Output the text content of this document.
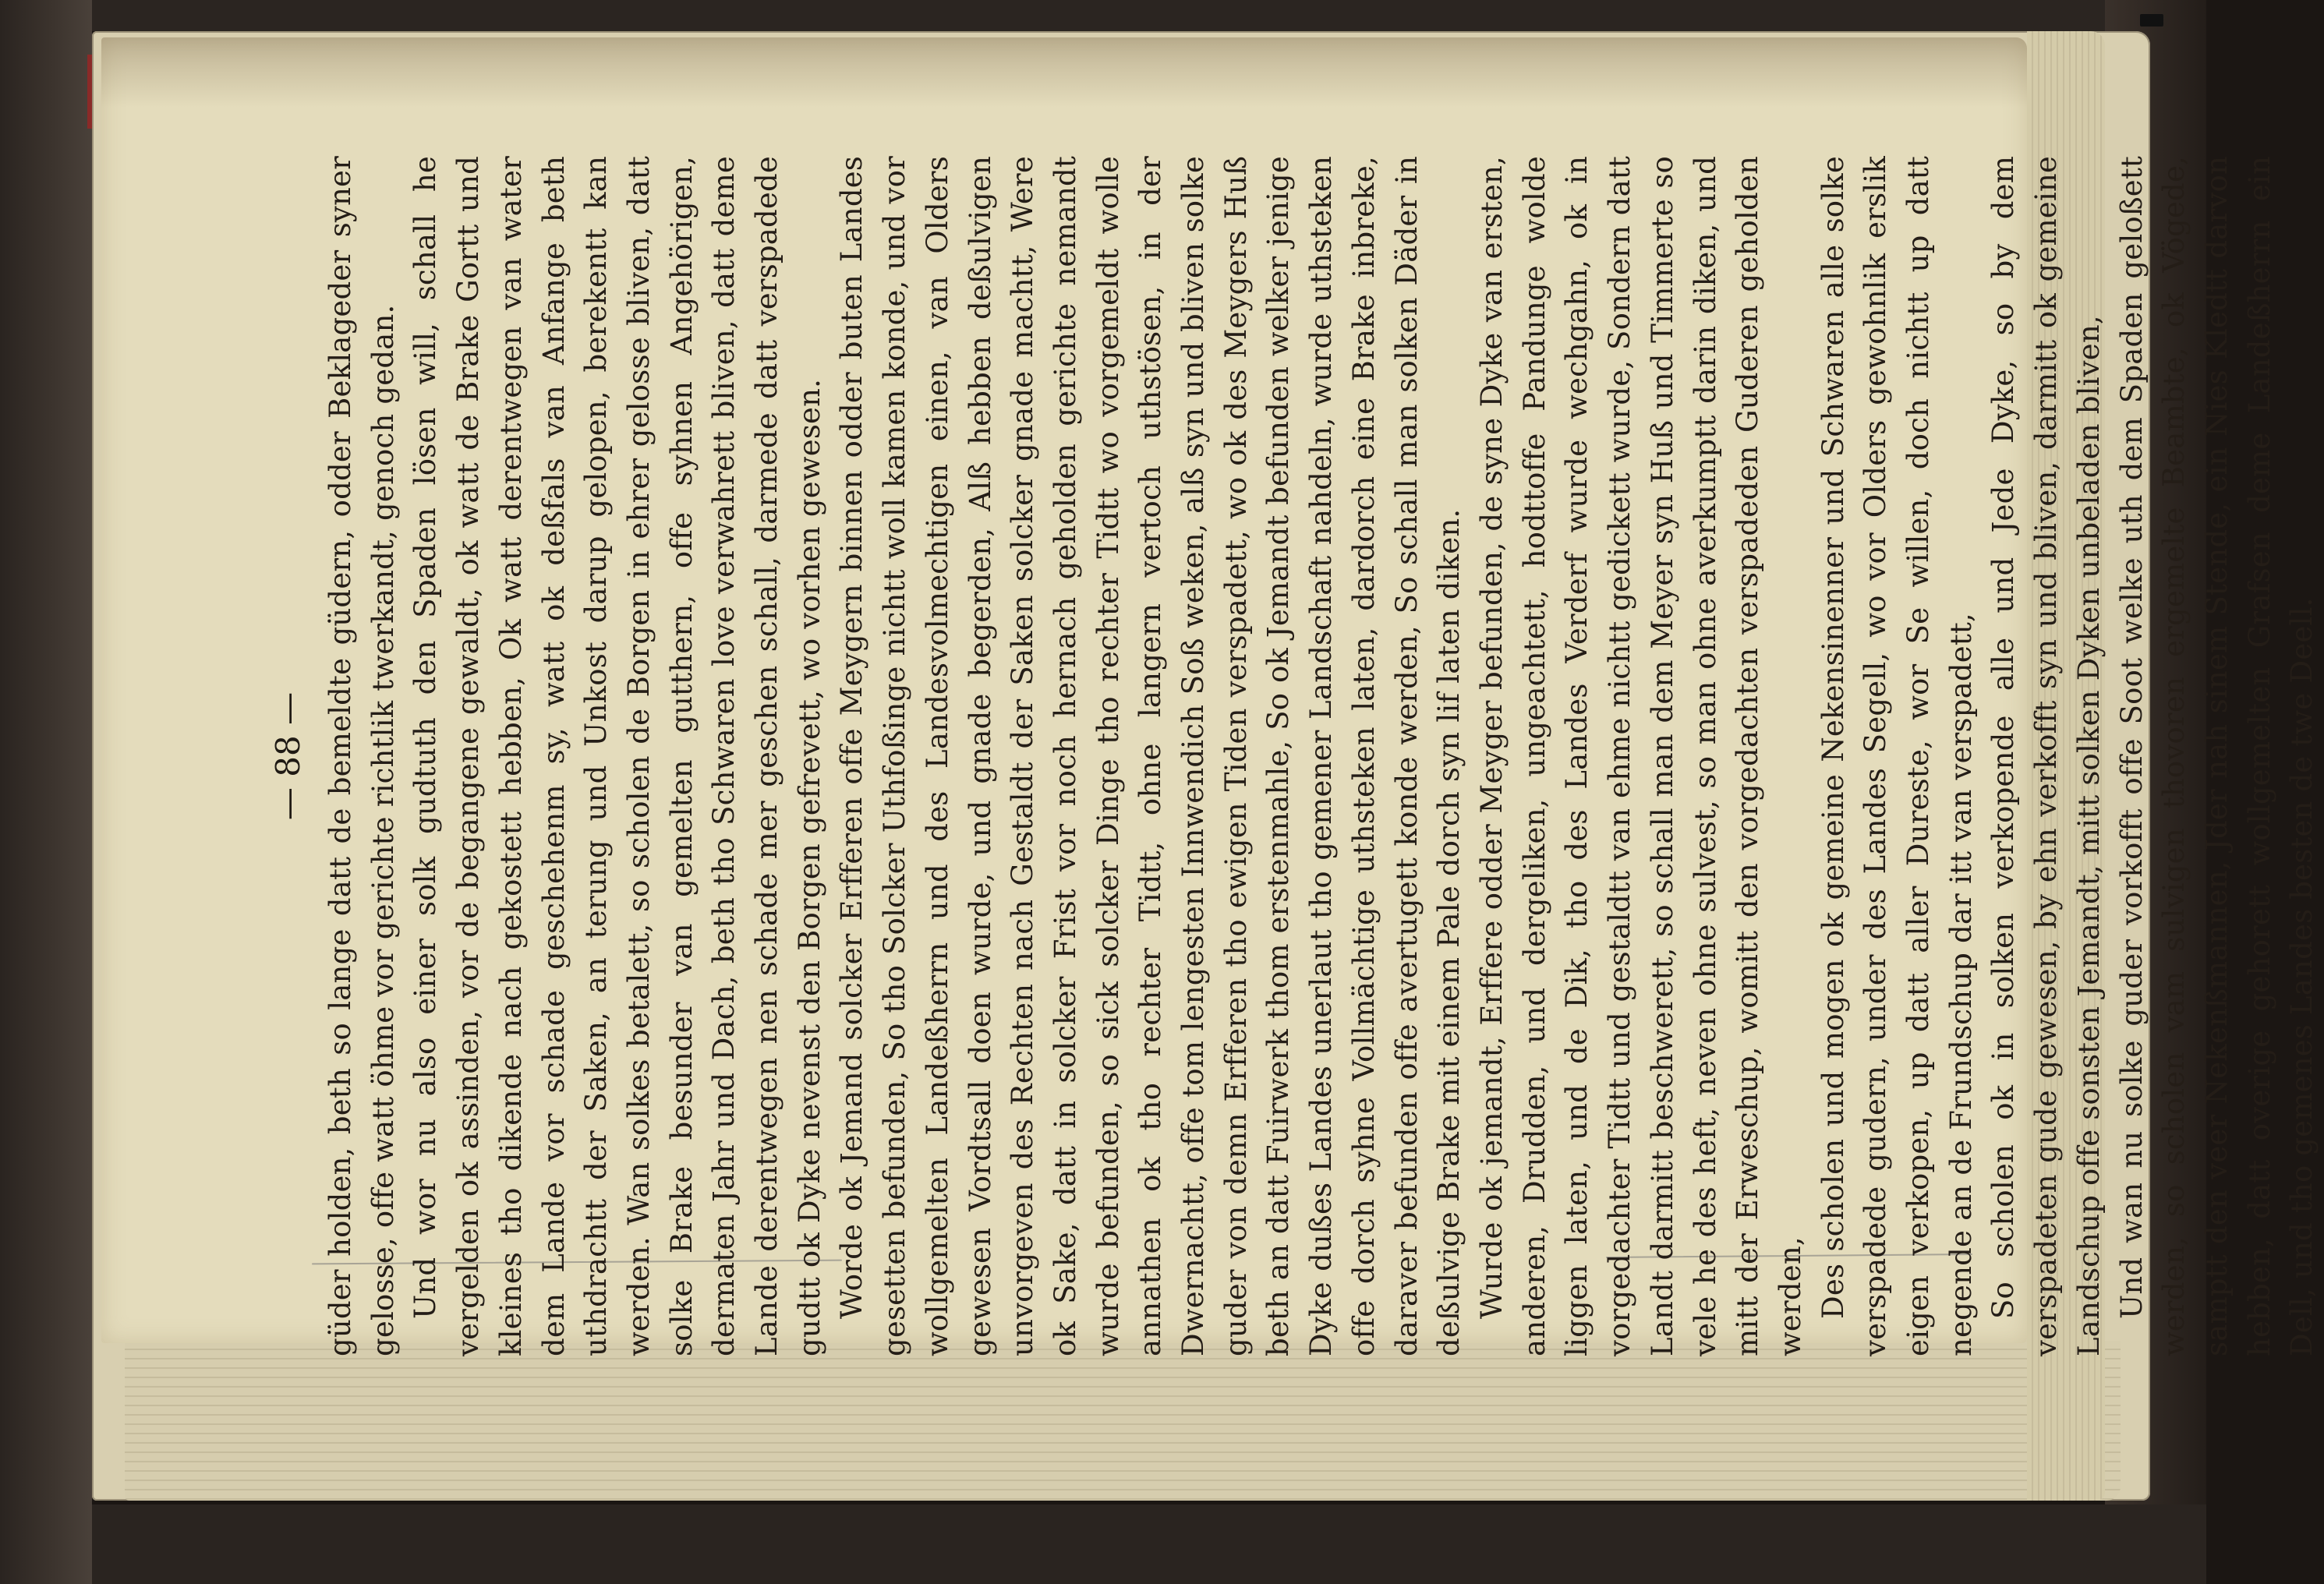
— 88 — güder holden, beth so lange datt de bemeldte güdern, odder Beklageder syner gelosse, offe watt öhme vor gerichte richtlik twerkandt, genoch gedan. Und wor nu also einer solk gudtuth den Spaden lösen will, schall he vergelden ok assinden, vor de begangene gewaldt, ok watt de Brake Gortt und kleines tho dikende nach gekostett hebben, Ok watt derentwegen van water dem Lande vor schade geschehenm sy, watt ok deßfals van Anfange beth uthdrachtt der Saken, an terung und Unkost darup gelopen, berekentt kan werden. Wan solkes betalett, so scholen de Borgen in ehrer gelosse bliven, datt solke Brake besunder van gemelten gutthern, offe syhnen Angehörigen, dermaten Jahr und Dach, beth tho Schwaren love verwahrett bliven, datt deme Lande derentwegen nen schade mer geschen schall, darmede datt verspadede gudtt ok Dyke nevenst den Borgen gefrevett, wo vorhen gewesen. Worde ok Jemand solcker Erfferen offe Meygern binnen odder buten Landes gesetten befunden, So tho Solcker Uthfoßinge nichtt woll kamen konde, und vor wollgemelten Landeßherrn und des Landesvolmechtigen einen, van Olders gewesen Vordtsall doen wurde, und gnade begerden, Alß hebben deßulvigen unvorgeven des Rechten nach Gestaldt der Saken solcker gnade machtt, Were ok Sake, datt in solcker Frist vor noch hernach geholden gerichte nemandt wurde befunden, so sick solcker Dinge tho rechter Tidtt wo vorgemeldt wolle annathen ok tho rechter Tidtt, ohne langern vertoch uthstösen, in der Dwernachtt, offe tom lengesten Innwendich Soß weken, alß syn und bliven solke guder von demn Erfferen tho ewigen Tiden verspadett, wo ok des Meygers Huß beth an datt Fuirwerk thom erstenmahle, So ok Jemandt befunden welker jenige Dyke dußes Landes unerlaut tho gemener Landschaft nahdeln, wurde uthsteken offe dorch syhne Vollmächtige uthsteken laten, dardorch eine Brake inbreke, daraver befunden offe avertugett konde werden, So schall man solken Däder in deßulvige Brake mit einem Pale dorch syn lif laten diken. Wurde ok jemandt, Erffere odder Meyger befunden, de syne Dyke van ersten, anderen, Drudden, und dergeliken, ungeachtett, hodttoffe Pandunge wolde liggen laten, und de Dik, tho des Landes Verderf wurde wechgahn, ok in vorgedachter Tidtt und gestaldtt van ehme nichtt gedickett wurde, Sondern datt Landt darmitt beschwerett, so schall man dem Meyer syn Huß und Timmerte so vele he des heft, neven ohne sulvest, so man ohne averkumptt darin diken, und mitt der Erweschup, womitt den vorgedachten verspadeden Guderen geholden werden, Des scholen und mogen ok gemeine Nekensinenner und Schwaren alle solke verspadede gudern, under des Landes Segell, wo vor Olders gewohnlik erslik eigen verkopen, up datt aller Dureste, wor Se willen, doch nichtt up datt negende an de Frundschup dar itt van verspadett, So scholen ok in solken verkopende alle und Jede Dyke, so by dem verspadeten gude gewesen, by ehn verkofft syn und bliven, darmitt ok gemeine Landschup offe sonsten Jemandt, mitt solken Dyken unbeladen bliven, Und wan nu solke guder vorkofft offe Soot welke uth dem Spaden geloßett werden, so scholen vam sulvigen thovoren ergemelte Beambte, ok Vögede, samptt den veer Nekenßmannen, Jder nah sinem Stende, ein Nies Kledtt darvon hebben, datt overige gehorett wollgemelten Grafsen deme Landeßherrn ein Dell, und tho gemenes Landes besten de twe Deell.
